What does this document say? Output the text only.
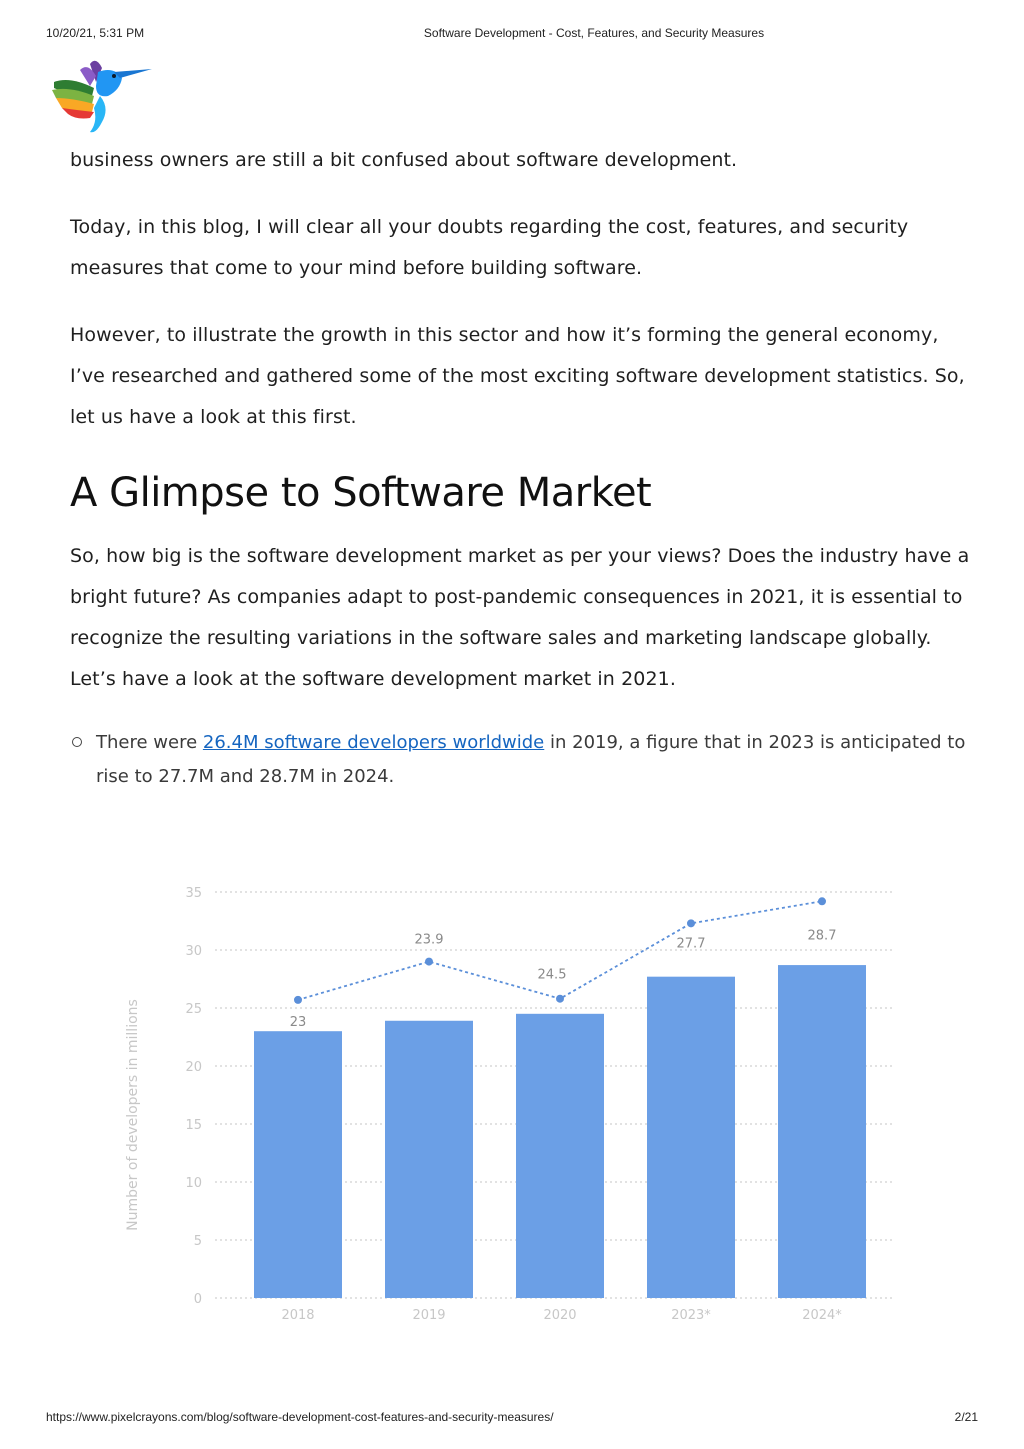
10/20/21, 5:31 PM	Software Development - Cost, Features, and Security Measures

business owners are still a bit confused about software development.

Today, in this blog, I will clear all your doubts regarding the cost, features, and security measures that come to your mind before building software.

However, to illustrate the growth in this sector and how it’s forming the general economy, I’ve researched and gathered some of the most exciting software development statistics. So, let us have a look at this first.

A Glimpse to Software Market

So, how big is the software development market as per your views? Does the industry have a bright future? As companies adapt to post-pandemic consequences in 2021, it is essential to recognize the resulting variations in the software sales and marketing landscape globally. Let’s have a look at the software development market in 2021.

There were 26.4M software developers worldwide in 2019, a figure that in 2023 is anticipated to rise to 27.7M and 28.7M in 2024.
0
5
10
15
20
25
30
35
Number of developers in millions
2018	2019	2020	2023*	2024*
23
23.9
24.5
27.7
28.7
https://www.pixelcrayons.com/blog/software-development-cost-features-and-security-measures/	2/21
